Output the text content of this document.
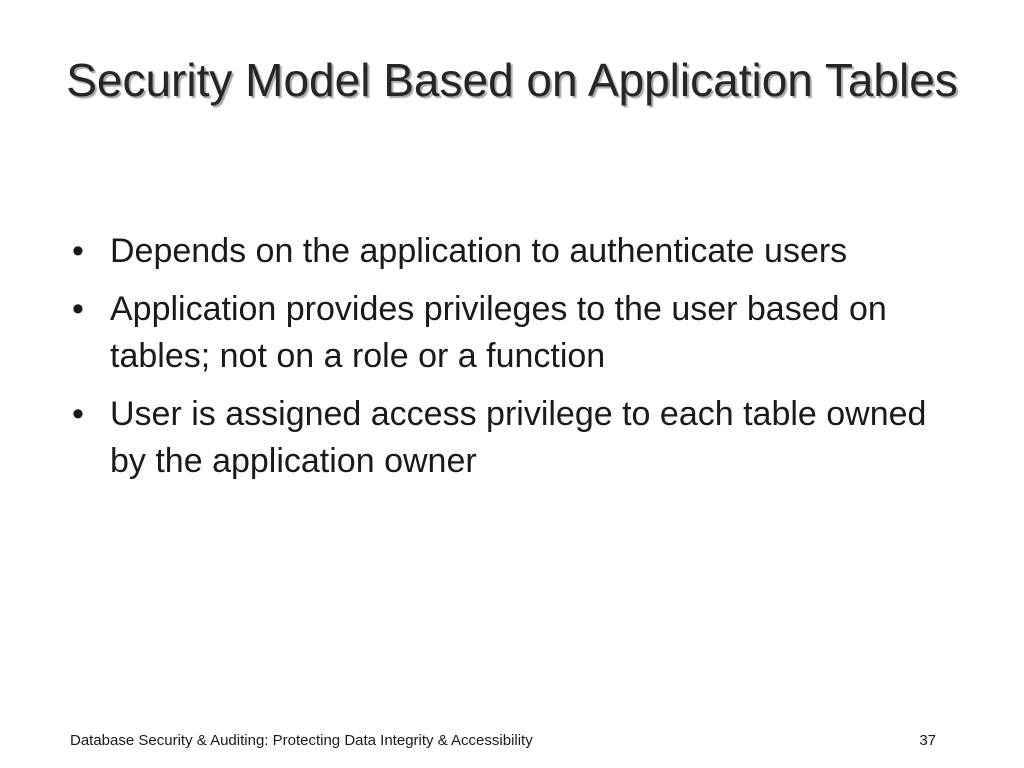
Security Model Based on Application Tables
• Depends on the application to authenticate users
• Application provides privileges to the user based on tables; not on a role or a function
• User is assigned access privilege to each table owned by the application owner
Database Security & Auditing: Protecting Data Integrity & Accessibility	37
